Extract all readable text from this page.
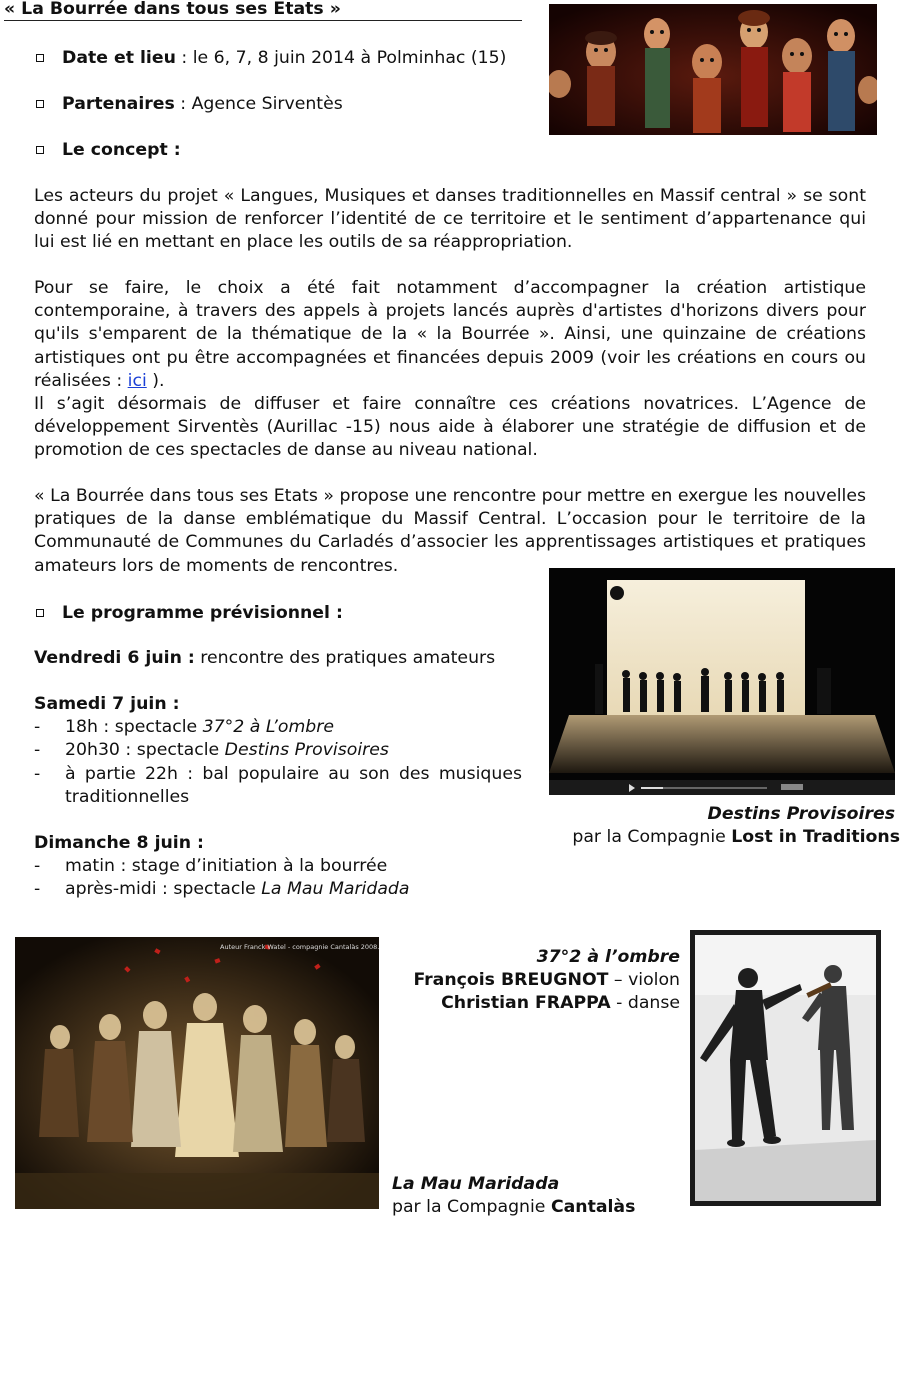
« La Bourrée dans tous ses Etats »
Date et lieu : le 6, 7, 8 juin 2014 à Polminhac (15)
Partenaires : Agence Sirventès
Le concept :

Les acteurs du projet « Langues, Musiques et danses traditionnelles en Massif central » se sont donné pour mission de renforcer l’identité de ce territoire et le sentiment d’appartenance qui lui est lié en mettant en place les outils de sa réappropriation.

Pour se faire, le choix a été fait notamment d’accompagner la création artistique contemporaine, à travers des appels à projets lancés auprès d'artistes d'horizons divers pour qu'ils s'emparent de la thématique de la « la Bourrée ». Ainsi, une quinzaine de créations artistiques ont pu être accompagnées et financées depuis 2009 (voir les créations en cours ou réalisées : ici ).

Il s’agit désormais de diffuser et faire connaître ces créations novatrices. L’Agence de développement Sirventès (Aurillac -15) nous aide à élaborer une stratégie de diffusion et de promotion de ces spectacles de danse au niveau national.

« La Bourrée dans tous ses Etats » propose une rencontre pour mettre en exergue les nouvelles pratiques de la danse emblématique du Massif Central. L’occasion pour le territoire de la Communauté de Communes du Carladés d’associer les apprentissages artistiques et pratiques amateurs lors de moments de rencontres.

Le programme prévisionnel :
Vendredi 6 juin : rencontre des pratiques amateurs
Samedi 7 juin :
- 18h : spectacle 37°2 à L’ombre
- 20h30 : spectacle Destins Provisoires
- à partie 22h : bal populaire au son des musiques traditionnelles
Dimanche 8 juin :
- matin : stage d’initiation à la bourrée
- après-midi : spectacle La Mau Maridada
Destins Provisoires
par la Compagnie Lost in Traditions
Auteur Franck Watel - compagnie Cantalàs 2008.	37°2 à l’ombre
François BREUGNOT – violon
Christian FRAPPA - danse
La Mau Maridada
par la Compagnie Cantalàs
